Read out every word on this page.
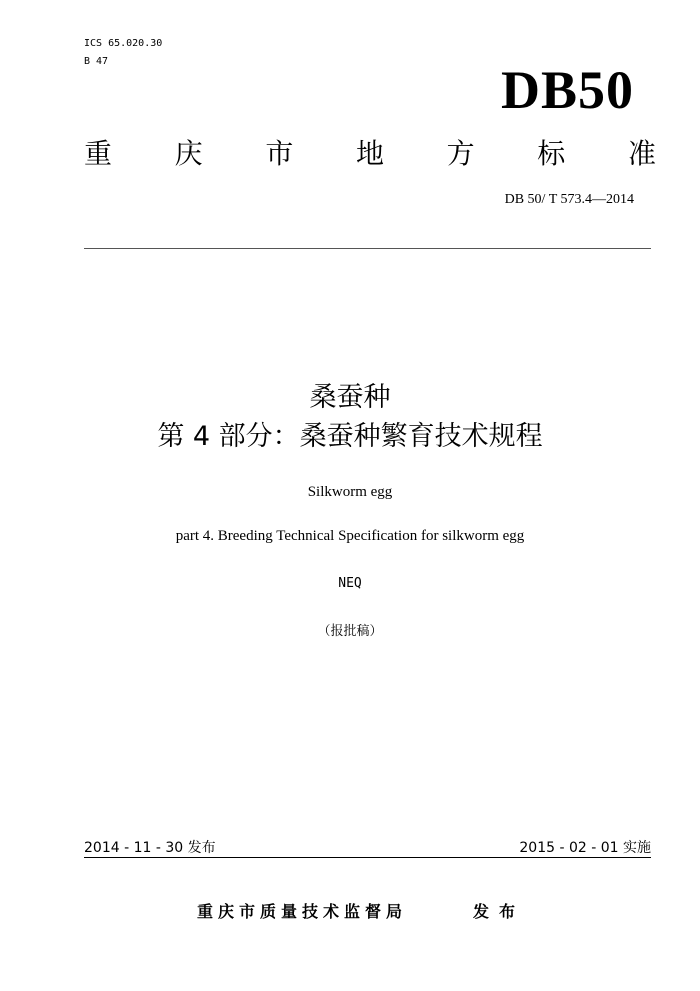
ICS 65.020.30
B 47	DB50
重 庆 市 地 方 标 准
DB 50/ T 573.4—2014
桑蚕种
第 4 部分：桑蚕种繁育技术规程
Silkworm egg
part 4. Breeding Technical Specification for silkworm egg
NEQ
（报批稿）
2014 - 11 - 30 发布	2015 - 02 - 01 实施
重庆市质量技术监督局	发布
